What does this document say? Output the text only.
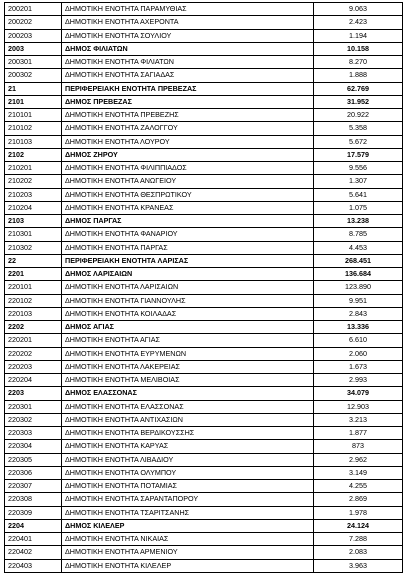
200201	ΔΗΜΟΤΙΚΗ ΕΝΟΤΗΤΑ ΠΑΡΑΜΥΘΙΑΣ	9.063
200202	ΔΗΜΟΤΙΚΗ ΕΝΟΤΗΤΑ ΑΧΕΡΟΝΤΑ	2.423
200203	ΔΗΜΟΤΙΚΗ ΕΝΟΤΗΤΑ ΣΟΥΛΙΟΥ	1.194
2003	ΔΗΜΟΣ ΦΙΛΙΑΤΩΝ	10.158
200301	ΔΗΜΟΤΙΚΗ ΕΝΟΤΗΤΑ ΦΙΛΙΑΤΩΝ	8.270
200302	ΔΗΜΟΤΙΚΗ ΕΝΟΤΗΤΑ ΣΑΓΙΑΔΑΣ	1.888
21	ΠΕΡΙΦΕΡΕΙΑΚΗ ΕΝΟΤΗΤΑ ΠΡΕΒΕΖΑΣ	62.769
2101	ΔΗΜΟΣ ΠΡΕΒΕΖΑΣ	31.952
210101	ΔΗΜΟΤΙΚΗ ΕΝΟΤΗΤΑ ΠΡΕΒΕΖΗΣ	20.922
210102	ΔΗΜΟΤΙΚΗ ΕΝΟΤΗΤΑ ΖΑΛΟΓΓΟΥ	5.358
210103	ΔΗΜΟΤΙΚΗ ΕΝΟΤΗΤΑ ΛΟΥΡΟΥ	5.672
2102	ΔΗΜΟΣ ΖΗΡΟΥ	17.579
210201	ΔΗΜΟΤΙΚΗ ΕΝΟΤΗΤΑ ΦΙΛΙΠΠΙΑΔΟΣ	9.556
210202	ΔΗΜΟΤΙΚΗ ΕΝΟΤΗΤΑ ΑΝΩΓΕΙΟΥ	1.307
210203	ΔΗΜΟΤΙΚΗ ΕΝΟΤΗΤΑ ΘΕΣΠΡΩΤΙΚΟΥ	5.641
210204	ΔΗΜΟΤΙΚΗ ΕΝΟΤΗΤΑ ΚΡΑΝΕΑΣ	1.075
2103	ΔΗΜΟΣ ΠΑΡΓΑΣ	13.238
210301	ΔΗΜΟΤΙΚΗ ΕΝΟΤΗΤΑ ΦΑΝΑΡΙΟΥ	8.785
210302	ΔΗΜΟΤΙΚΗ ΕΝΟΤΗΤΑ ΠΑΡΓΑΣ	4.453
22	ΠΕΡΙΦΕΡΕΙΑΚΗ ΕΝΟΤΗΤΑ ΛΑΡΙΣΑΣ	268.451
2201	ΔΗΜΟΣ ΛΑΡΙΣΑΙΩΝ	136.684
220101	ΔΗΜΟΤΙΚΗ ΕΝΟΤΗΤΑ ΛΑΡΙΣΑΙΩΝ	123.890
220102	ΔΗΜΟΤΙΚΗ ΕΝΟΤΗΤΑ ΓΙΑΝΝΟΥΛΗΣ	9.951
220103	ΔΗΜΟΤΙΚΗ ΕΝΟΤΗΤΑ ΚΟΙΛΑΔΑΣ	2.843
2202	ΔΗΜΟΣ ΑΓΙΑΣ	13.336
220201	ΔΗΜΟΤΙΚΗ ΕΝΟΤΗΤΑ ΑΓΙΑΣ	6.610
220202	ΔΗΜΟΤΙΚΗ ΕΝΟΤΗΤΑ ΕΥΡΥΜΕΝΩΝ	2.060
220203	ΔΗΜΟΤΙΚΗ ΕΝΟΤΗΤΑ ΛΑΚΕΡΕΙΑΣ	1.673
220204	ΔΗΜΟΤΙΚΗ ΕΝΟΤΗΤΑ ΜΕΛΙΒΟΙΑΣ	2.993
2203	ΔΗΜΟΣ ΕΛΑΣΣΟΝΑΣ	34.079
220301	ΔΗΜΟΤΙΚΗ ΕΝΟΤΗΤΑ ΕΛΑΣΣΟΝΑΣ	12.903
220302	ΔΗΜΟΤΙΚΗ ΕΝΟΤΗΤΑ ΑΝΤΙΧΑΣΙΩΝ	3.213
220303	ΔΗΜΟΤΙΚΗ ΕΝΟΤΗΤΑ ΒΕΡΔΙΚΟΥΣΣΗΣ	1.877
220304	ΔΗΜΟΤΙΚΗ ΕΝΟΤΗΤΑ ΚΑΡΥΑΣ	873
220305	ΔΗΜΟΤΙΚΗ ΕΝΟΤΗΤΑ ΛΙΒΑΔΙΟΥ	2.962
220306	ΔΗΜΟΤΙΚΗ ΕΝΟΤΗΤΑ ΟΛΥΜΠΟΥ	3.149
220307	ΔΗΜΟΤΙΚΗ ΕΝΟΤΗΤΑ ΠΟΤΑΜΙΑΣ	4.255
220308	ΔΗΜΟΤΙΚΗ ΕΝΟΤΗΤΑ ΣΑΡΑΝΤΑΠΟΡΟΥ	2.869
220309	ΔΗΜΟΤΙΚΗ ΕΝΟΤΗΤΑ ΤΣΑΡΙΤΣΑΝΗΣ	1.978
2204	ΔΗΜΟΣ ΚΙΛΕΛΕΡ	24.124
220401	ΔΗΜΟΤΙΚΗ ΕΝΟΤΗΤΑ ΝΙΚΑΙΑΣ	7.288
220402	ΔΗΜΟΤΙΚΗ ΕΝΟΤΗΤΑ ΑΡΜΕΝΙΟΥ	2.083
220403	ΔΗΜΟΤΙΚΗ ΕΝΟΤΗΤΑ ΚΙΛΕΛΕΡ	3.963
